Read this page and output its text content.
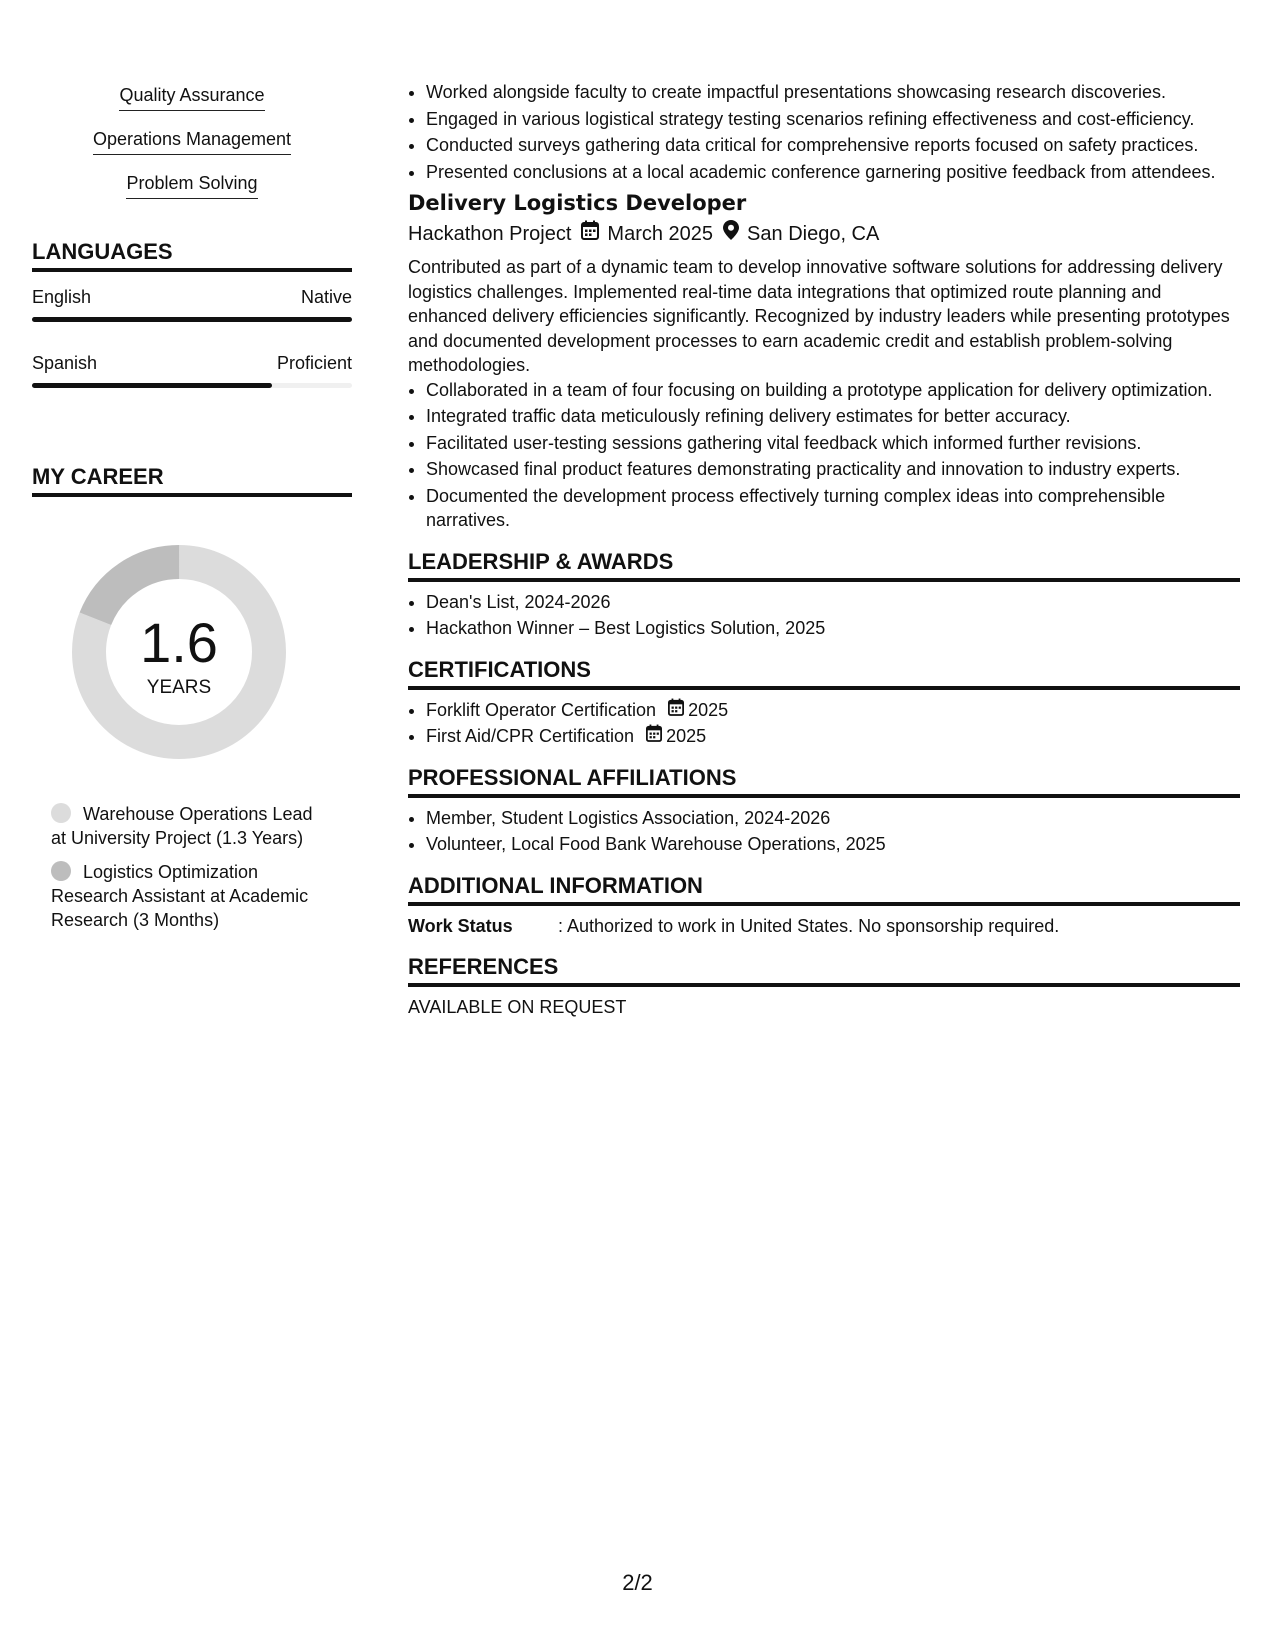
Quality Assurance
Operations Management
Problem Solving
LANGUAGES
English	Native
Spanish	Proficient
MY CAREER
1.6
YEARS
Warehouse Operations Lead at University Project (1.3 Years)
Logistics Optimization Research Assistant at Academic Research (3 Months)
• Worked alongside faculty to create impactful presentations showcasing research discoveries.
• Engaged in various logistical strategy testing scenarios refining effectiveness and cost-efficiency.
• Conducted surveys gathering data critical for comprehensive reports focused on safety practices.
• Presented conclusions at a local academic conference garnering positive feedback from attendees.
Delivery Logistics Developer
Hackathon Project March 2025 San Diego, CA
Contributed as part of a dynamic team to develop innovative software solutions for addressing delivery logistics challenges. Implemented real-time data integrations that optimized route planning and enhanced delivery efficiencies significantly. Recognized by industry leaders while presenting prototypes and documented development processes to earn academic credit and establish problem-solving methodologies.
• Collaborated in a team of four focusing on building a prototype application for delivery optimization.
• Integrated traffic data meticulously refining delivery estimates for better accuracy.
• Facilitated user-testing sessions gathering vital feedback which informed further revisions.
• Showcased final product features demonstrating practicality and innovation to industry experts.
• Documented the development process effectively turning complex ideas into comprehensible narratives.
LEADERSHIP & AWARDS
• Dean's List, 2024-2026
• Hackathon Winner – Best Logistics Solution, 2025
CERTIFICATIONS
• Forklift Operator Certification 2025
• First Aid/CPR Certification 2025
PROFESSIONAL AFFILIATIONS
• Member, Student Logistics Association, 2024-2026
• Volunteer, Local Food Bank Warehouse Operations, 2025
ADDITIONAL INFORMATION
Work Status	: Authorized to work in United States. No sponsorship required.
REFERENCES
AVAILABLE ON REQUEST
2/2
